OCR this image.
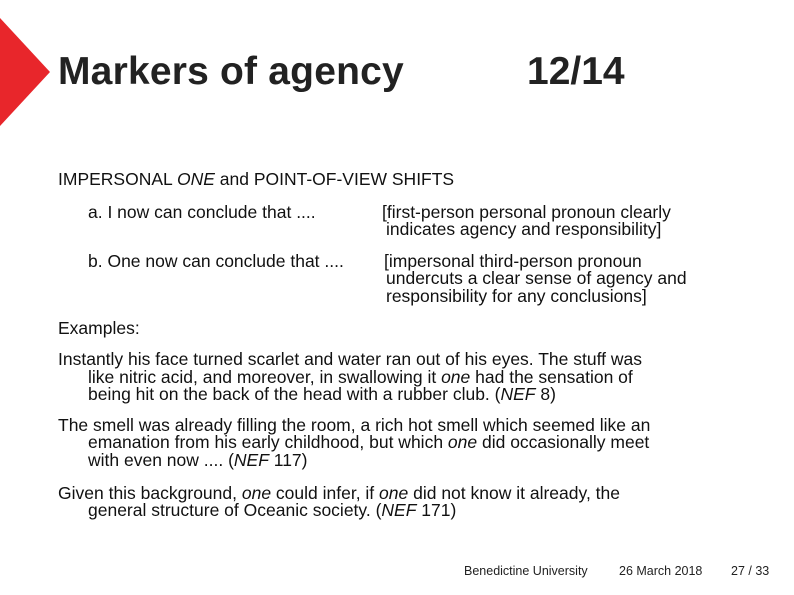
Markers of agency	12/14
IMPERSONAL ONE and POINT-OF-VIEW SHIFTS
a. I now can conclude that ....	[first-person personal pronoun clearly
indicates agency and responsibility]
b. One now can conclude that .... [impersonal third-person pronoun
undercuts a clear sense of agency and
responsibility for any conclusions]
Examples:
Instantly his face turned scarlet and water ran out of his eyes. The stuff was
like nitric acid, and moreover, in swallowing it one had the sensation of
being hit on the back of the head with a rubber club. (NEF 8)
The smell was already filling the room, a rich hot smell which seemed like an
emanation from his early childhood, but which one did occasionally meet
with even now .... (NEF 117)
Given this background, one could infer, if one did not know it already, the
general structure of Oceanic society. (NEF 171)
Benedictine University	26 March 2018 27 / 33
